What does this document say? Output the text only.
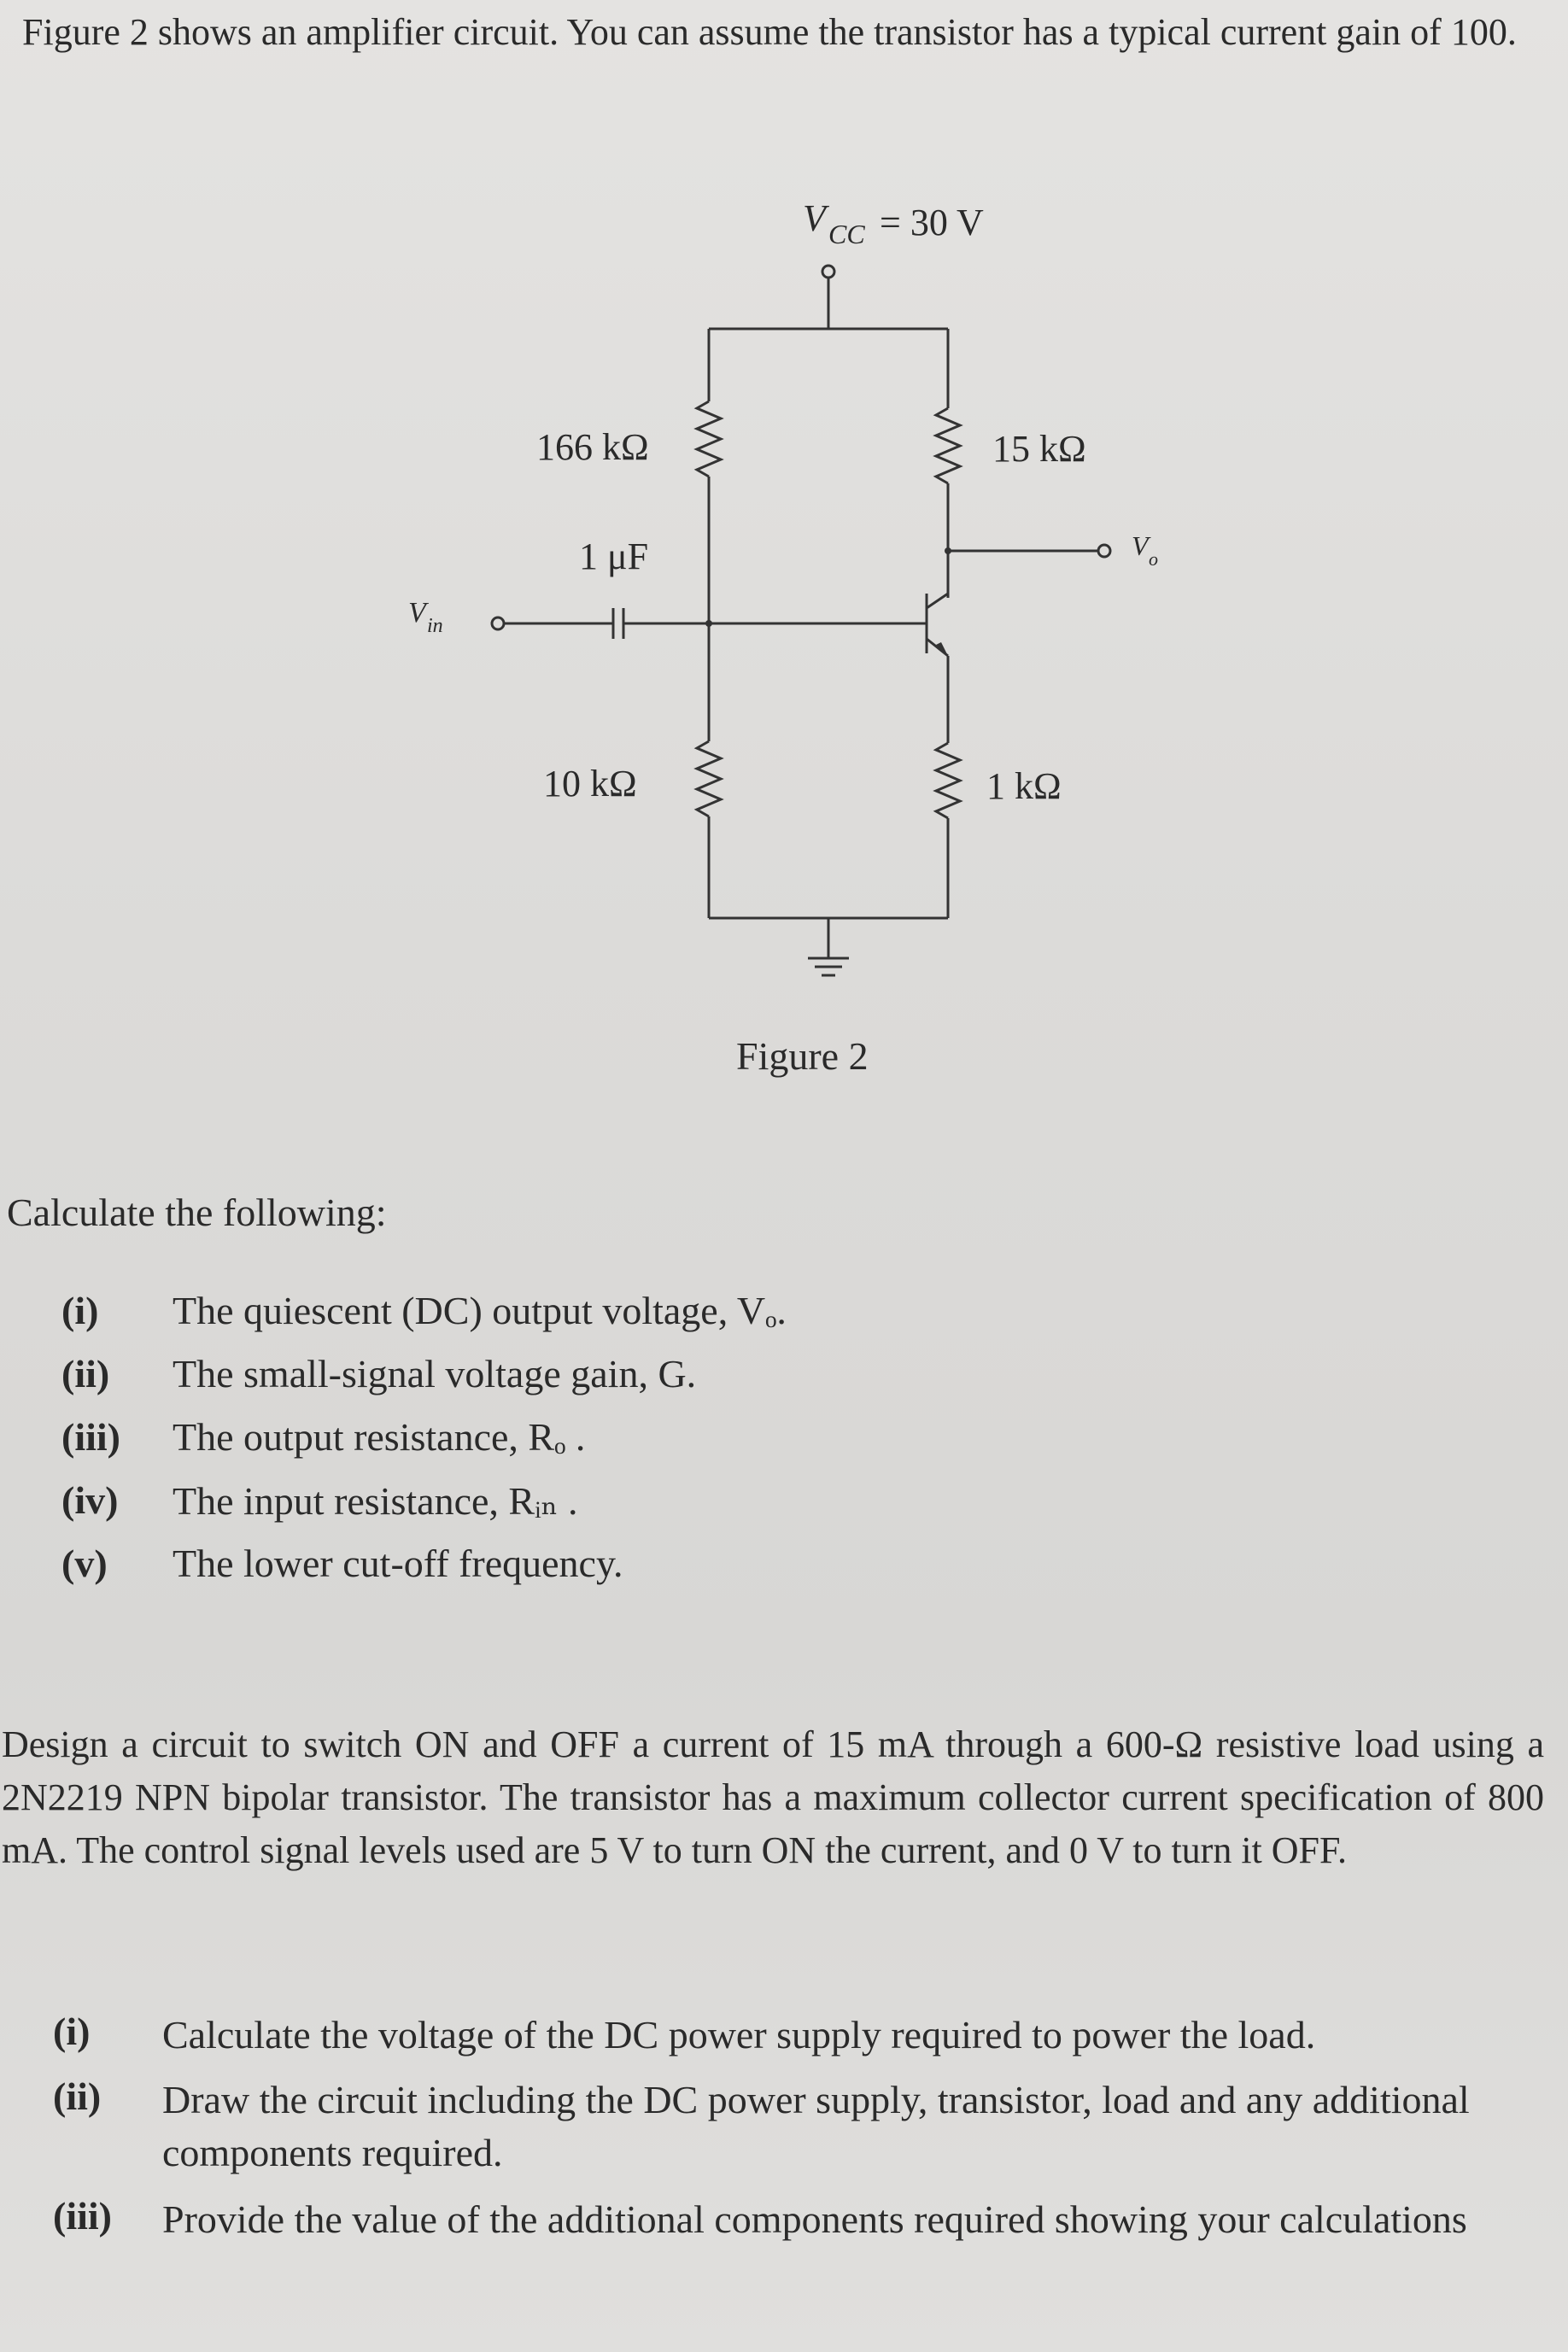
Figure 2 shows an amplifier circuit. You can assume the transistor has a typical current gain of 100.
V CC = 30 V
166 kΩ
1 μF
10 kΩ
15 kΩ
1 kΩ
V in
V o
Figure 2
Calculate the following:
(i) The quiescent (DC) output voltage, Vₒ.
(ii) The small-signal voltage gain, G.
(iii) The output resistance, Rₒ .
(iv) The input resistance, Rᵢₙ .
(v) The lower cut-off frequency.
Design a circuit to switch ON and OFF a current of 15 mA through a 600-Ω resistive load using a 2N2219 NPN bipolar transistor. The transistor has a maximum collector current specification of 800 mA. The control signal levels used are 5 V to turn ON the current, and 0 V to turn it OFF.
(i) Calculate the voltage of the DC power supply required to power the load.
(ii) Draw the circuit including the DC power supply, transistor, load and any additional components required.
(iii) Provide the value of the additional components required showing your calculations
